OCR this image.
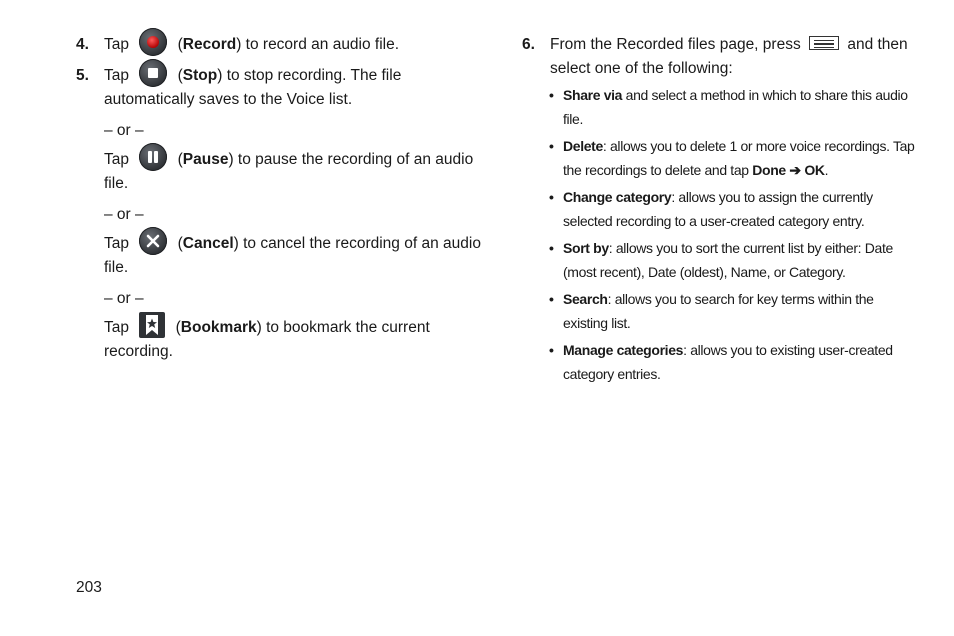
4. Tap	(Record) to record an audio file.
5. Tap	(Stop) to stop recording. The file
automatically saves to the Voice list.
– or –
Tap	(Pause) to pause the recording of an audio
file.
– or –
Tap	(Cancel) to cancel the recording of an audio
file.
– or –
Tap	(Bookmark) to bookmark the current
recording.
6. From the Recorded files page, press	and then
select one of the following:
• Share via and select a method in which to share this audio file.
• Delete: allows you to delete 1 or more voice recordings. Tap the recordings to delete and tap Done ➔ OK.
• Change category: allows you to assign the currently selected recording to a user-created category entry.
• Sort by: allows you to sort the current list by either: Date (most recent), Date (oldest), Name, or Category.
• Search: allows you to search for key terms within the existing list.
• Manage categories: allows you to existing user-created category entries.
203
